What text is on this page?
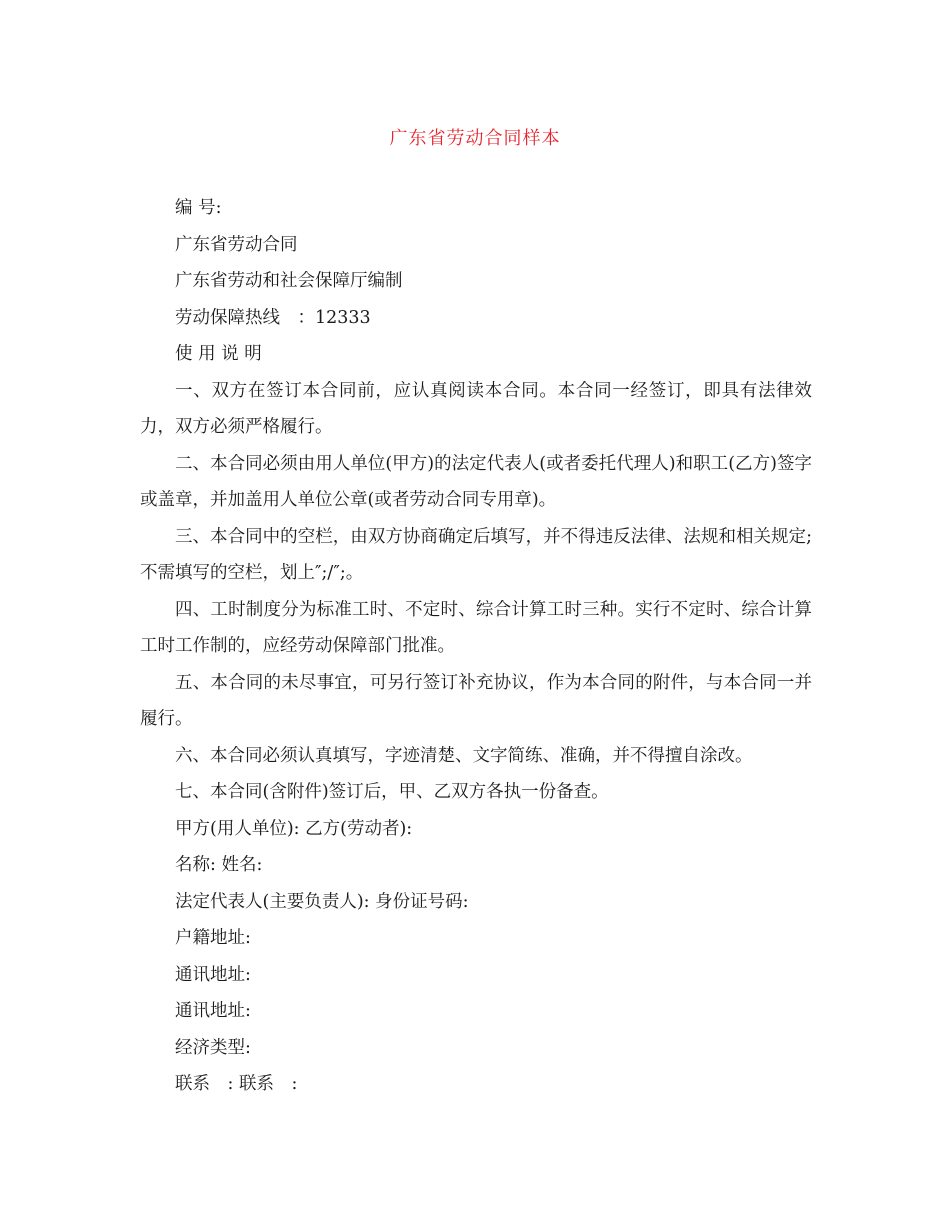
广东省劳动合同样本
编 号:
广东省劳动合同
广东省劳动和社会保障厅编制
劳动保障热线　：12333
使 用 说 明
一、双方在签订本合同前，应认真阅读本合同。本合同一经签订，即具有法律效力，双方必须严格履行。
二、本合同必须由用人单位(甲方)的法定代表人(或者委托代理人)和职工(乙方)签字或盖章，并加盖用人单位公章(或者劳动合同专用章)。
三、本合同中的空栏，由双方协商确定后填写，并不得违反法律、法规和相关规定;不需填写的空栏，划上″;/″;。
四、工时制度分为标准工时、不定时、综合计算工时三种。实行不定时、综合计算工时工作制的，应经劳动保障部门批准。
五、本合同的未尽事宜，可另行签订补充协议，作为本合同的附件，与本合同一并履行。
六、本合同必须认真填写，字迹清楚、文字简练、准确，并不得擅自涂改。
七、本合同(含附件)签订后，甲、乙双方各执一份备查。
甲方(用人单位): 乙方(劳动者):
名称: 姓名:
法定代表人(主要负责人): 身份证号码:
户籍地址:
通讯地址:
通讯地址:
经济类型:
联系　: 联系　:
